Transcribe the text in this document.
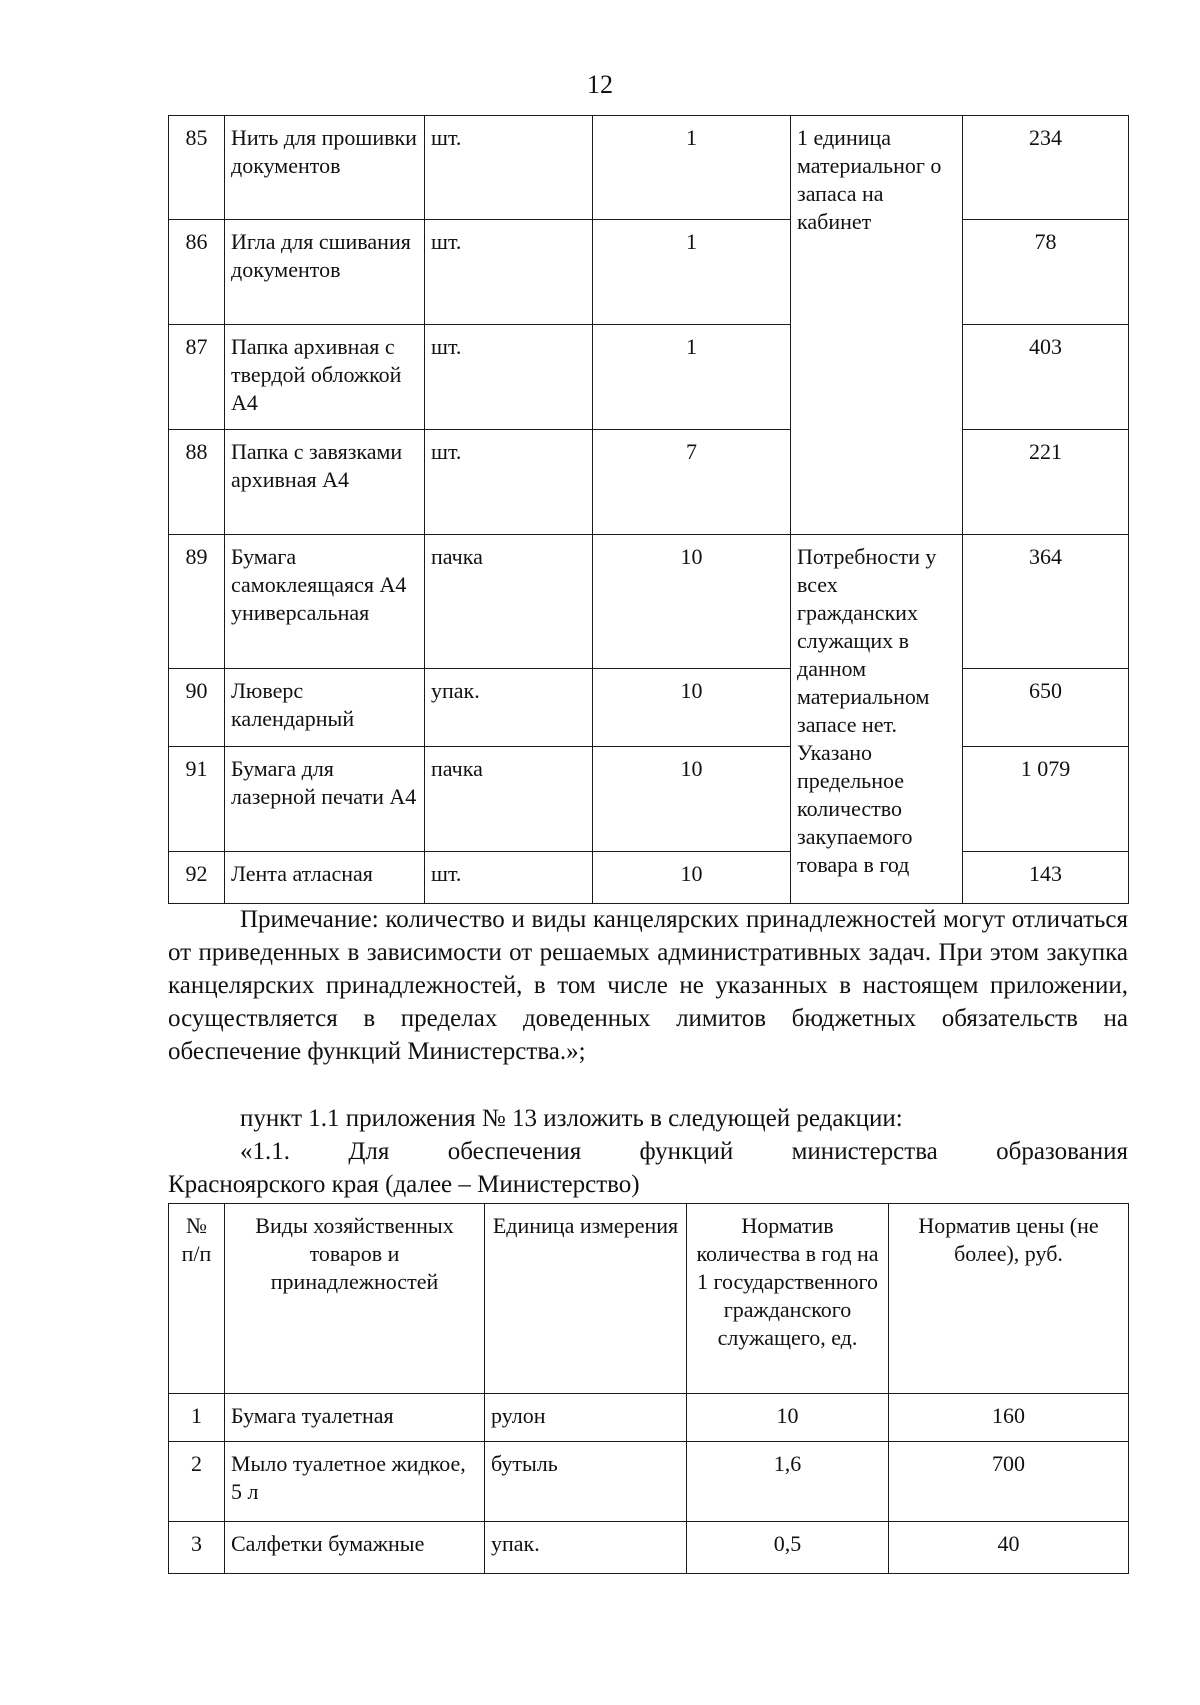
12
85	Нить для прошивки документов	шт.	1	1 единица материальног о запаса на кабинет	234
86	Игла для сшивания документов	шт.	1		78
87	Папка архивная с твердой обложкой А4	шт.	1		403
88	Папка с завязками архивная А4	шт.	7		221
89	Бумага самоклеящаяся А4 универсальная	пачка	10	Потребности у всех гражданских служащих в данном материальном запасе нет. Указано предельное количество закупаемого товара в год	364
90	Люверс календарный	упак.	10		650
91	Бумага для лазерной печати А4	пачка	10		1 079
92	Лента атласная	шт.	10		143
Примечание: количество и виды канцелярских принадлежностей могут отличаться от приведенных в зависимости от решаемых административных задач. При этом закупка канцелярских принадлежностей, в том числе не указанных в настоящем приложении, осуществляется в пределах доведенных лимитов бюджетных обязательств на обеспечение функций Министерства.»;
пункт 1.1 приложения № 13 изложить в следующей редакции:
«1.1. Для обеспечения функций министерства образования
Красноярского края (далее – Министерство)
№ п/п	Виды хозяйственных товаров и принадлежностей	Единица измерения	Норматив количества в год на 1 государственного гражданского служащего, ед.	Норматив цены (не более), руб.
1	Бумага туалетная	рулон	10	160
2	Мыло туалетное жидкое, 5 л	бутыль	1,6	700
3	Салфетки бумажные	упак.	0,5	40
